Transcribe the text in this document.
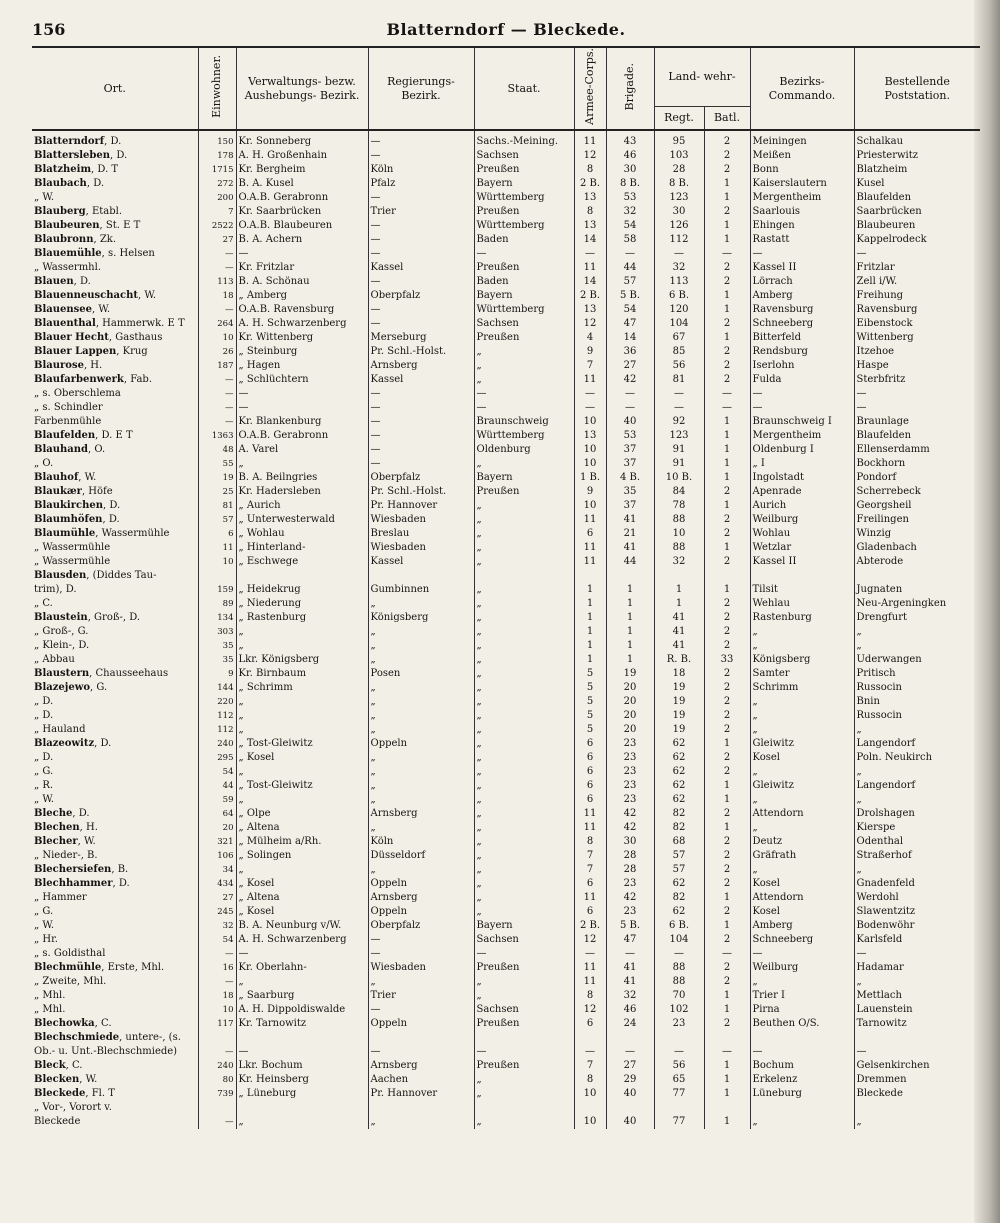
156	Blatterndorf — Bleckede.
Ort.	Einwohner.	Verwaltungs- bezw. Aushebungs- Bezirk.	Regierungs- Bezirk.	Staat.	Armee-Corps.	Brigade.	Land- wehr-		Bezirks- Commando.	Bestellende Poststation.
							Regt.	Batl.		
Blatterndorf, D.	150	Kr. Sonneberg	—	Sachs.-Meining.	11	43	95	2	Meiningen	Schalkau
Blattersleben, D.	178	A. H. Großenhain	—	Sachsen	12	46	103	2	Meißen	Priesterwitz
Blatzheim, D. T	1715	Kr. Bergheim	Köln	Preußen	8	30	28	2	Bonn	Blatzheim
Blaubach, D.	272	B. A. Kusel	Pfalz	Bayern	2 B.	8 B.	8 B.	1	Kaiserslautern	Kusel
„ W.	200	O.A.B. Gerabronn	—	Württemberg	13	53	123	1	Mergentheim	Blaufelden
Blauberg, Etabl.	7	Kr. Saarbrücken	Trier	Preußen	8	32	30	2	Saarlouis	Saarbrücken
Blaubeuren, St. E T	2522	O.A.B. Blaubeuren	—	Württemberg	13	54	126	1	Ehingen	Blaubeuren
Blaubronn, Zk.	27	B. A. Achern	—	Baden	14	58	112	1	Rastatt	Kappelrodeck
Blauemühle, s. Helsen	—	—	—	—	—	—	—	—	—	—
„ Wassermhl.	—	Kr. Fritzlar	Kassel	Preußen	11	44	32	2	Kassel II	Fritzlar
Blauen, D.	113	B. A. Schönau	—	Baden	14	57	113	2	Lörrach	Zell i/W.
Blauenneuschacht, W.	18	„ Amberg	Oberpfalz	Bayern	2 B.	5 B.	6 B.	1	Amberg	Freihung
Blauensee, W.	—	O.A.B. Ravensburg	—	Württemberg	13	54	120	1	Ravensburg	Ravensburg
Blauenthal, Hammerwk. E T	264	A. H. Schwarzenberg	—	Sachsen	12	47	104	2	Schneeberg	Eibenstock
Blauer Hecht, Gasthaus	10	Kr. Wittenberg	Merseburg	Preußen	4	14	67	1	Bitterfeld	Wittenberg
Blauer Lappen, Krug	26	„ Steinburg	Pr. Schl.-Holst.	„	9	36	85	2	Rendsburg	Itzehoe
Blaurose, H.	187	„ Hagen	Arnsberg	„	7	27	56	2	Iserlohn	Haspe
Blaufarbenwerk, Fab.	—	„ Schlüchtern	Kassel	„	11	42	81	2	Fulda	Sterbfritz
„ s. Oberschlema	—	—	—	—	—	—	—	—	—	—
„ s. Schindler	—	—	—	—	—	—	—	—	—	—
Farbenmühle	—	Kr. Blankenburg	—	Braunschweig	10	40	92	1	Braunschweig I	Braunlage
Blaufelden, D. E T	1363	O.A.B. Gerabronn	—	Württemberg	13	53	123	1	Mergentheim	Blaufelden
Blauhand, O.	48	A. Varel	—	Oldenburg	10	37	91	1	Oldenburg I	Ellenserdamm
„ O.	55	„	—	„	10	37	91	1	„ I	Bockhorn
Blauhof, W.	19	B. A. Beilngries	Oberpfalz	Bayern	1 B.	4 B.	10 B.	1	Ingolstadt	Pondorf
Blaukær, Höfe	25	Kr. Hadersleben	Pr. Schl.-Holst.	Preußen	9	35	84	2	Apenrade	Scherrebeck
Blaukirchen, D.	81	„ Aurich	Pr. Hannover	„	10	37	78	1	Aurich	Georgsheil
Blaumhöfen, D.	57	„ Unterwesterwald	Wiesbaden	„	11	41	88	2	Weilburg	Freilingen
Blaumühle, Wassermühle	6	„ Wohlau	Breslau	„	6	21	10	2	Wohlau	Winzig
„ Wassermühle	11	„ Hinterland-	Wiesbaden	„	11	41	88	1	Wetzlar	Gladenbach
„ Wassermühle	10	„ Eschwege	Kassel	„	11	44	32	2	Kassel II	Abterode
Blausden, (Diddes Tau-										
trim), D.	159	„ Heidekrug	Gumbinnen	„	1	1	1	1	Tilsit	Jugnaten
„ C.	89	„ Niederung	„	„	1	1	1	2	Wehlau	Neu-Argeningken
Blaustein, Groß-, D.	134	„ Rastenburg	Königsberg	„	1	1	41	2	Rastenburg	Drengfurt
„ Groß-, G.	303	„	„	„	1	1	41	2	„	„
„ Klein-, D.	35	„	„	„	1	1	41	2	„	„
„ Abbau	35	Lkr. Königsberg	„	„	1	1	R. B.	33	Königsberg	Uderwangen
Blaustern, Chausseehaus	9	Kr. Birnbaum	Posen	„	5	19	18	2	Samter	Pritisch
Blazejewo, G.	144	„ Schrimm	„	„	5	20	19	2	Schrimm	Russocin
„ D.	220	„	„	„	5	20	19	2	„	Bnin
„ D.	112	„	„	„	5	20	19	2	„	Russocin
„ Hauland	112	„	„	„	5	20	19	2	„	„
Blazeowitz, D.	240	„ Tost-Gleiwitz	Oppeln	„	6	23	62	1	Gleiwitz	Langendorf
„ D.	295	„ Kosel	„	„	6	23	62	2	Kosel	Poln. Neukirch
„ G.	54	„	„	„	6	23	62	2	„	„
„ R.	44	„ Tost-Gleiwitz	„	„	6	23	62	1	Gleiwitz	Langendorf
„ W.	59	„	„	„	6	23	62	1	„	„
Bleche, D.	64	„ Olpe	Arnsberg	„	11	42	82	2	Attendorn	Drolshagen
Blechen, H.	20	„ Altena	„	„	11	42	82	1	„	Kierspe
Blecher, W.	321	„ Mülheim a/Rh.	Köln	„	8	30	68	2	Deutz	Odenthal
„ Nieder-, B.	106	„ Solingen	Düsseldorf	„	7	28	57	2	Gräfrath	Straßerhof
Blechersiefen, B.	34	„	„	„	7	28	57	2	„	„
Blechhammer, D.	434	„ Kosel	Oppeln	„	6	23	62	2	Kosel	Gnadenfeld
„ Hammer	27	„ Altena	Arnsberg	„	11	42	82	1	Attendorn	Werdohl
„ G.	245	„ Kosel	Oppeln	„	6	23	62	2	Kosel	Slawentzitz
„ W.	32	B. A. Neunburg v/W.	Oberpfalz	Bayern	2 B.	5 B.	6 B.	1	Amberg	Bodenwöhr
„ Hr.	54	A. H. Schwarzenberg	—	Sachsen	12	47	104	2	Schneeberg	Karlsfeld
„ s. Goldisthal	—	—	—	—	—	—	—	—	—	—
Blechmühle, Erste, Mhl.	16	Kr. Oberlahn-	Wiesbaden	Preußen	11	41	88	2	Weilburg	Hadamar
„ Zweite, Mhl.	—	„	„	„	11	41	88	2	„	„
„ Mhl.	18	„ Saarburg	Trier	„	8	32	70	1	Trier I	Mettlach
„ Mhl.	10	A. H. Dippoldiswalde	—	Sachsen	12	46	102	1	Pirna	Lauenstein
Blechowka, C.	117	Kr. Tarnowitz	Oppeln	Preußen	6	24	23	2	Beuthen O/S.	Tarnowitz
Blechschmiede, untere-, (s.										
Ob.- u. Unt.-Blechschmiede)	—	—	—	—	—	—	—	—	—	—
Bleck, C.	240	Lkr. Bochum	Arnsberg	Preußen	7	27	56	1	Bochum	Gelsenkirchen
Blecken, W.	80	Kr. Heinsberg	Aachen	„	8	29	65	1	Erkelenz	Dremmen
Bleckede, Fl. T	739	„ Lüneburg	Pr. Hannover	„	10	40	77	1	Lüneburg	Bleckede
„ Vor-, Vorort v.										
Bleckede	—	„	„	„	10	40	77	1	„	„
